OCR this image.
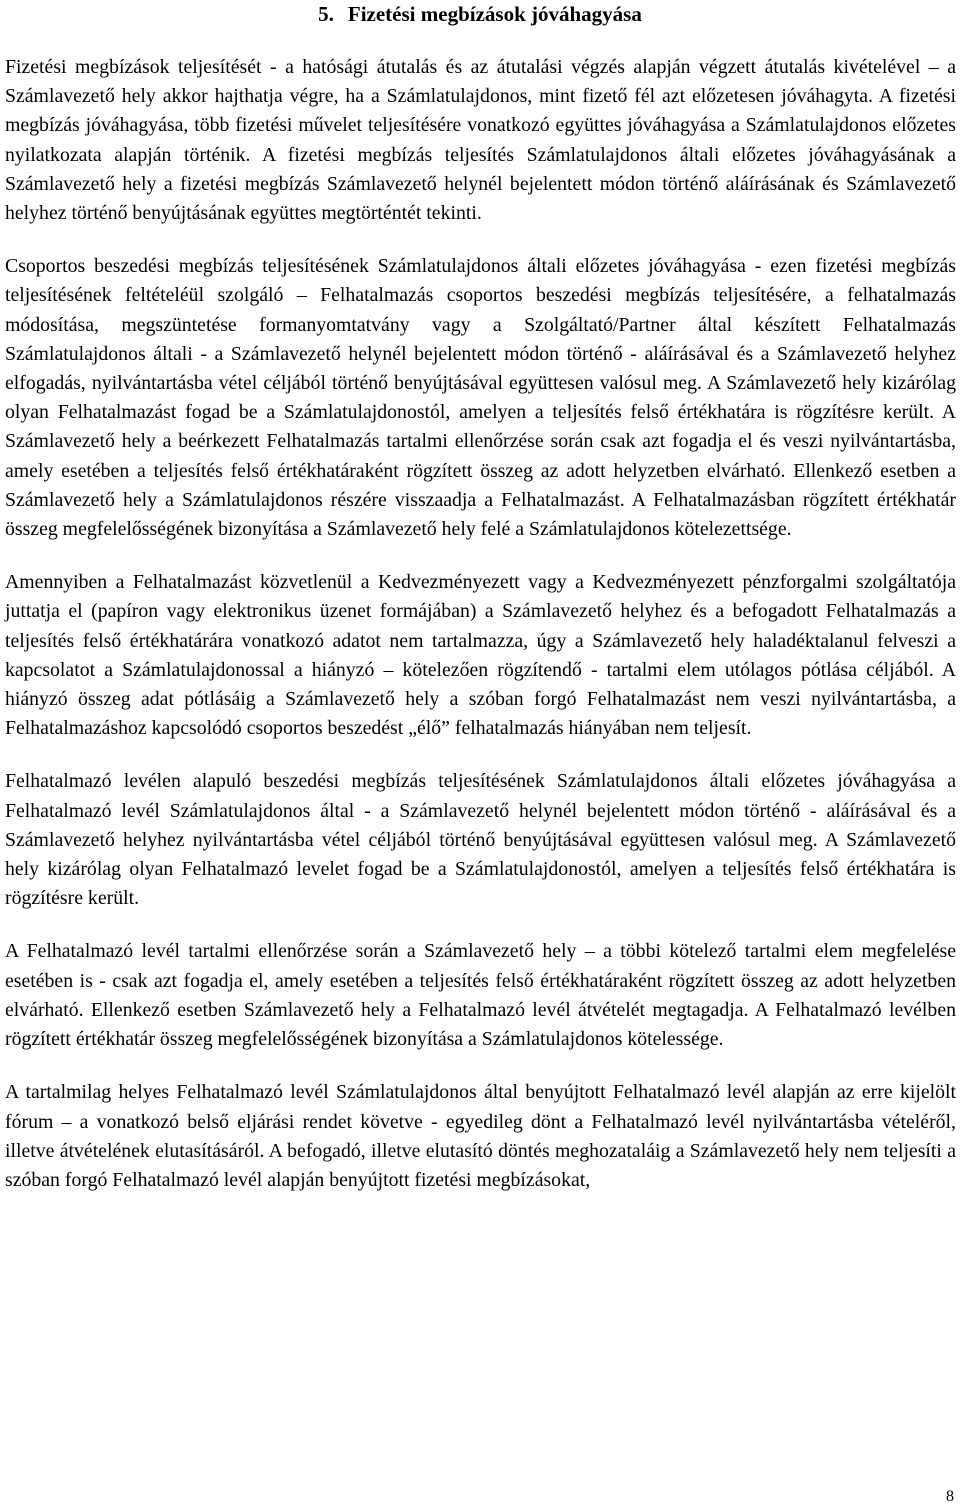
5. Fizetési megbízások jóváhagyása

Fizetési megbízások teljesítését - a hatósági átutalás és az átutalási végzés alapján végzett átutalás kivételével – a Számlavezető hely akkor hajthatja végre, ha a Számlatulajdonos, mint fizető fél azt előzetesen jóváhagyta. A fizetési megbízás jóváhagyása, több fizetési művelet teljesítésére vonatkozó együttes jóváhagyása a Számlatulajdonos előzetes nyilatkozata alapján történik. A fizetési megbízás teljesítés Számlatulajdonos általi előzetes jóváhagyásának a Számlavezető hely a fizetési megbízás Számlavezető helynél bejelentett módon történő aláírásának és Számlavezető helyhez történő benyújtásának együttes megtörténtét tekinti.

Csoportos beszedési megbízás teljesítésének Számlatulajdonos általi előzetes jóváhagyása - ezen fizetési megbízás teljesítésének feltételéül szolgáló – Felhatalmazás csoportos beszedési megbízás teljesítésére, a felhatalmazás módosítása, megszüntetése formanyomtatvány vagy a Szolgáltató/Partner által készített Felhatalmazás Számlatulajdonos általi - a Számlavezető helynél bejelentett módon történő - aláírásával és a Számlavezető helyhez elfogadás, nyilvántartásba vétel céljából történő benyújtásával együttesen valósul meg. A Számlavezető hely kizárólag olyan Felhatalmazást fogad be a Számlatulajdonostól, amelyen a teljesítés felső értékhatára is rögzítésre került. A Számlavezető hely a beérkezett Felhatalmazás tartalmi ellenőrzése során csak azt fogadja el és veszi nyilvántartásba, amely esetében a teljesítés felső értékhatáraként rögzített összeg az adott helyzetben elvárható. Ellenkező esetben a Számlavezető hely a Számlatulajdonos részére visszaadja a Felhatalmazást. A Felhatalmazásban rögzített értékhatár összeg megfelelősségének bizonyítása a Számlavezető hely felé a Számlatulajdonos kötelezettsége.

Amennyiben a Felhatalmazást közvetlenül a Kedvezményezett vagy a Kedvezményezett pénzforgalmi szolgáltatója juttatja el (papíron vagy elektronikus üzenet formájában) a Számlavezető helyhez és a befogadott Felhatalmazás a teljesítés felső értékhatárára vonatkozó adatot nem tartalmazza, úgy a Számlavezető hely haladéktalanul felveszi a kapcsolatot a Számlatulajdonossal a hiányzó – kötelezően rögzítendő - tartalmi elem utólagos pótlása céljából. A hiányzó összeg adat pótlásáig a Számlavezető hely a szóban forgó Felhatalmazást nem veszi nyilvántartásba, a Felhatalmazáshoz kapcsolódó csoportos beszedést „élő” felhatalmazás hiányában nem teljesít.

Felhatalmazó levélen alapuló beszedési megbízás teljesítésének Számlatulajdonos általi előzetes jóváhagyása a Felhatalmazó levél Számlatulajdonos által - a Számlavezető helynél bejelentett módon történő - aláírásával és a Számlavezető helyhez nyilvántartásba vétel céljából történő benyújtásával együttesen valósul meg. A Számlavezető hely kizárólag olyan Felhatalmazó levelet fogad be a Számlatulajdonostól, amelyen a teljesítés felső értékhatára is rögzítésre került.

A Felhatalmazó levél tartalmi ellenőrzése során a Számlavezető hely – a többi kötelező tartalmi elem megfelelése esetében is - csak azt fogadja el, amely esetében a teljesítés felső értékhatáraként rögzített összeg az adott helyzetben elvárható. Ellenkező esetben Számlavezető hely a Felhatalmazó levél átvételét megtagadja. A Felhatalmazó levélben rögzített értékhatár összeg megfelelősségének bizonyítása a Számlatulajdonos kötelessége.

A tartalmilag helyes Felhatalmazó levél Számlatulajdonos által benyújtott Felhatalmazó levél alapján az erre kijelölt fórum – a vonatkozó belső eljárási rendet követve - egyedileg dönt a Felhatalmazó levél nyilvántartásba vételéről, illetve átvételének elutasításáról. A befogadó, illetve elutasító döntés meghozataláig a Számlavezető hely nem teljesíti a szóban forgó Felhatalmazó levél alapján benyújtott fizetési megbízásokat,

8
